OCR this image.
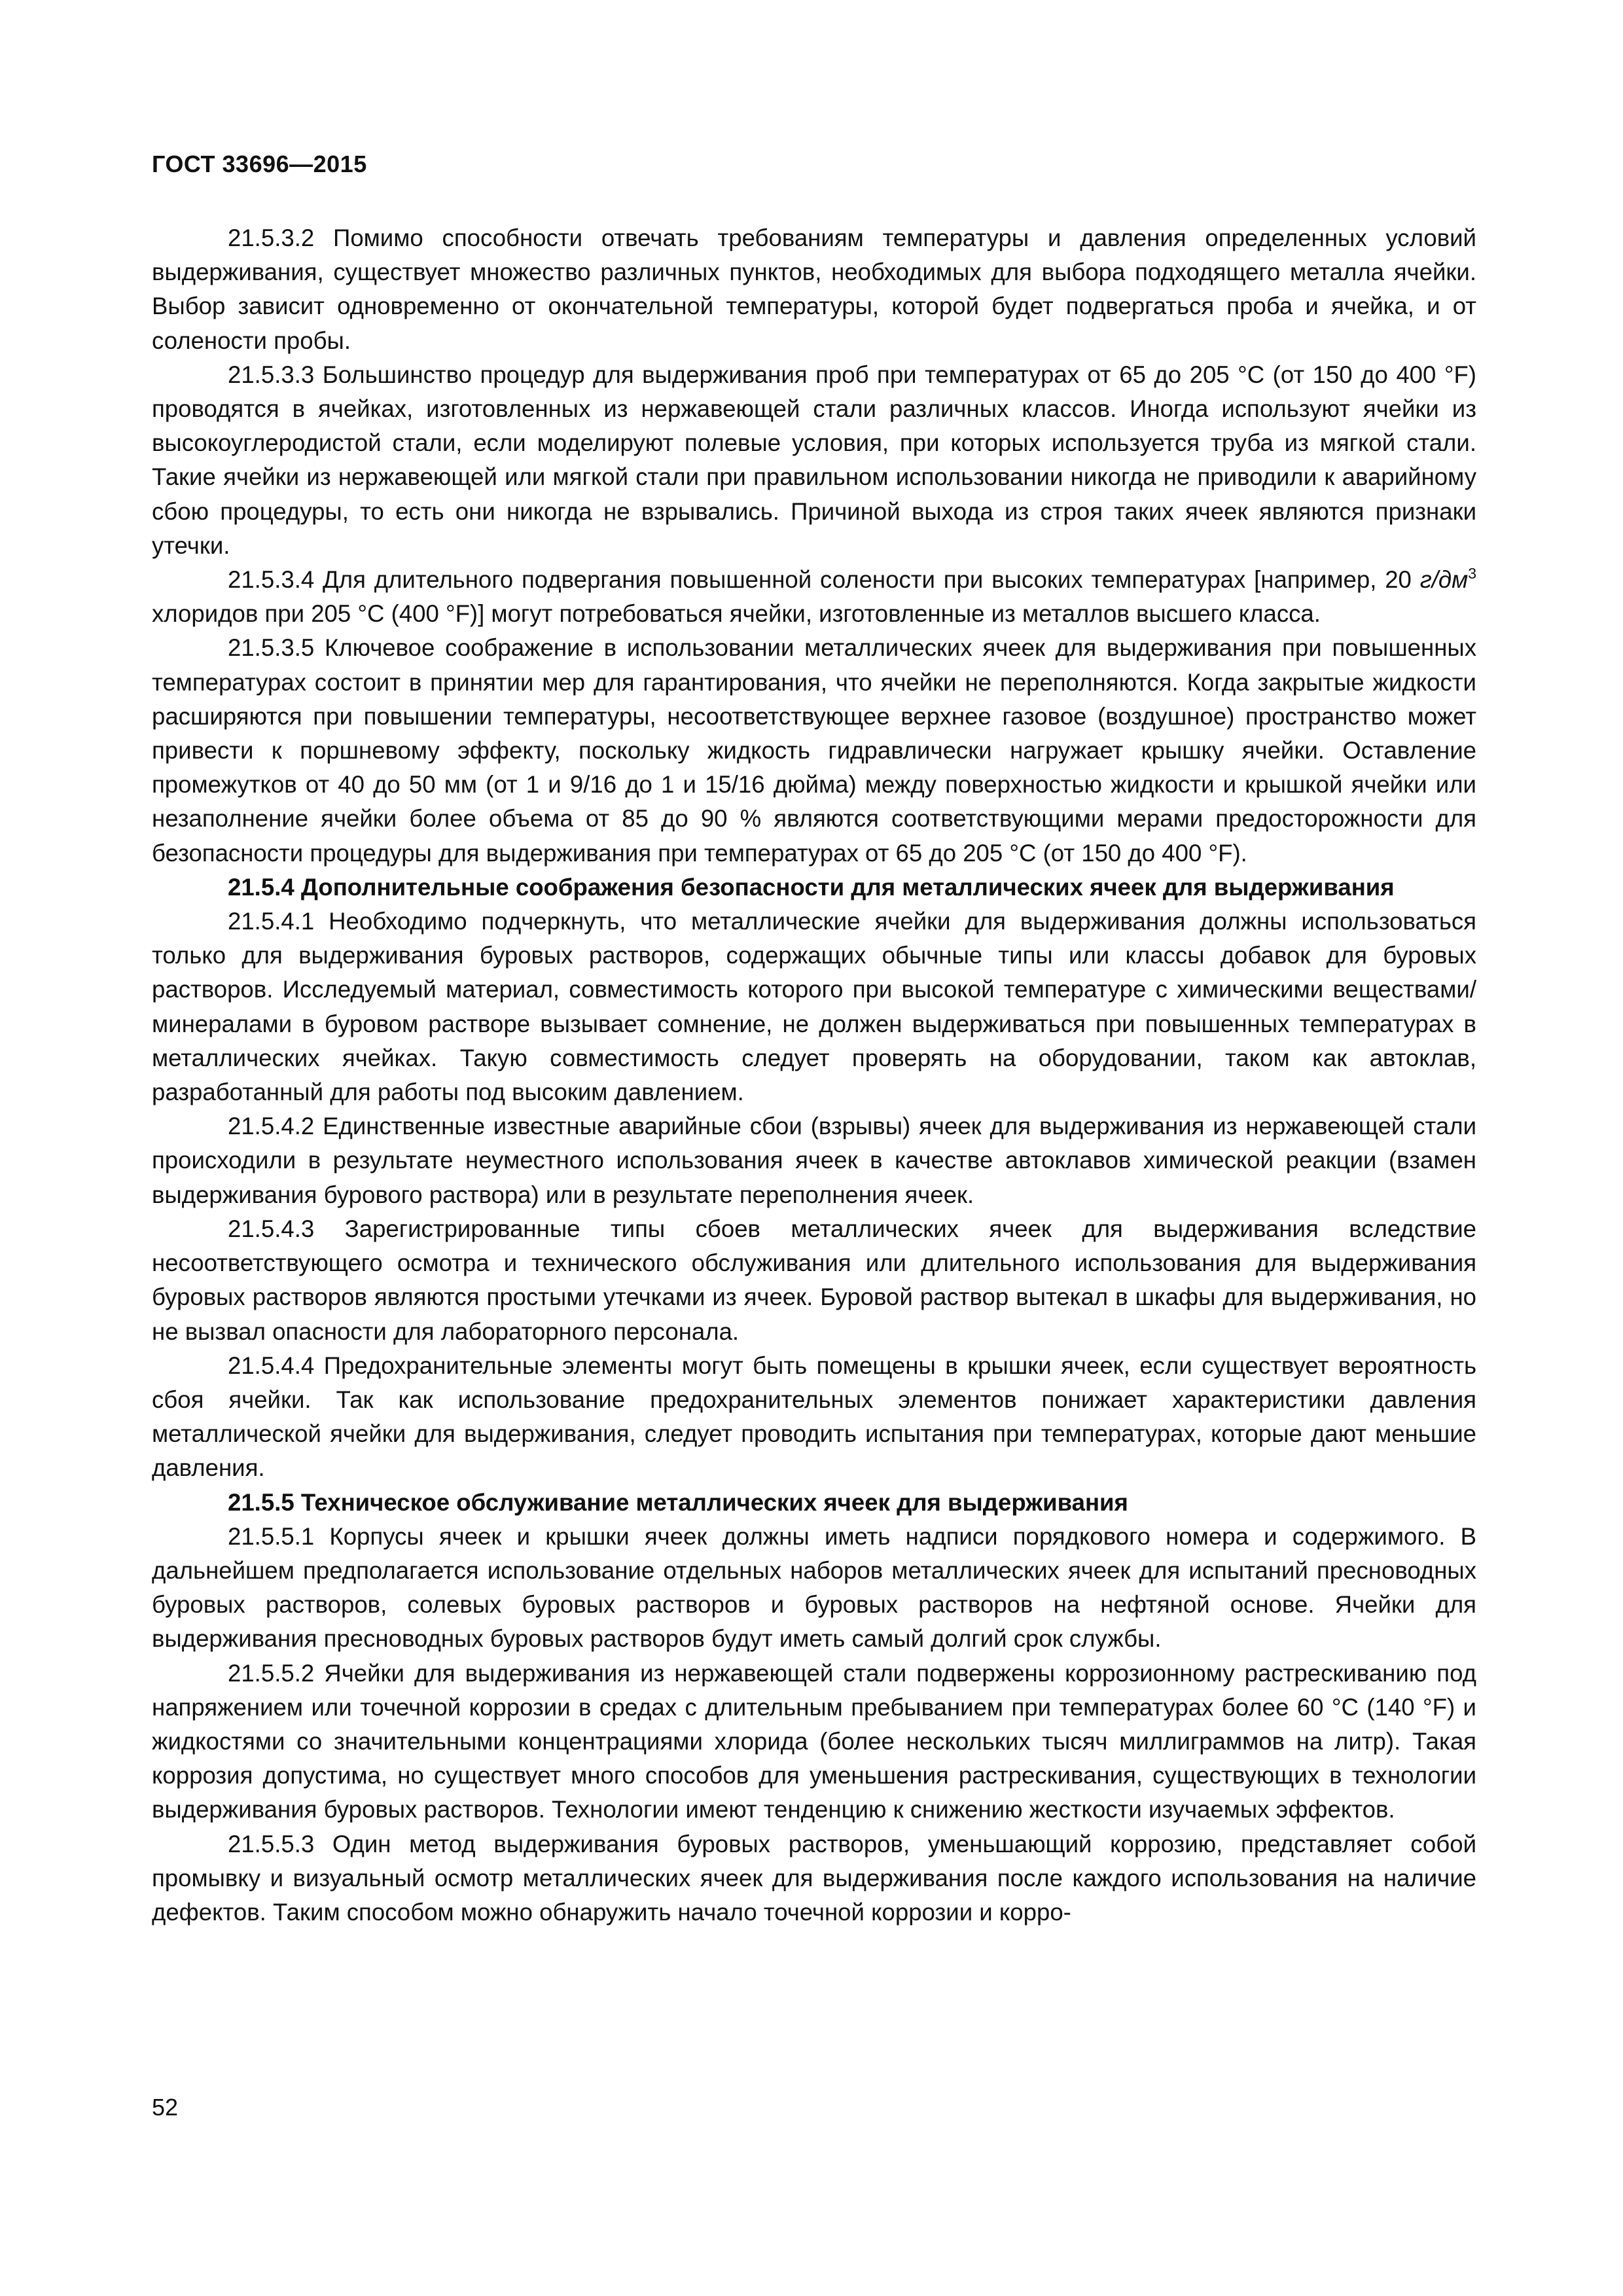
ГОСТ 33696—2015

21.5.3.2 Помимо способности отвечать требованиям температуры и давления определенных условий выдерживания, существует множество различных пунктов, необходимых для выбора подходящего металла ячейки. Выбор зависит одновременно от окончательной температуры, которой будет подвергаться проба и ячейка, и от солености пробы.

21.5.3.3 Большинство процедур для выдерживания проб при температурах от 65 до 205 °C (от 150 до 400 °F) проводятся в ячейках, изготовленных из нержавеющей стали различных классов. Иногда используют ячейки из высокоуглеродистой стали, если моделируют полевые условия, при которых используется труба из мягкой стали. Такие ячейки из нержавеющей или мягкой стали при правильном использовании никогда не приводили к аварийному сбою процедуры, то есть они никогда не взрывались. Причиной выхода из строя таких ячеек являются признаки утечки.

21.5.3.4 Для длительного подвергания повышенной солености при высоких температурах [например, 20 $г/дм^3$ хлоридов при 205 °C (400 °F)] могут потребоваться ячейки, изготовленные из металлов высшего класса.

21.5.3.5 Ключевое соображение в использовании металлических ячеек для выдерживания при повышенных температурах состоит в принятии мер для гарантирования, что ячейки не переполняются. Когда закрытые жидкости расширяются при повышении температуры, несоответствующее верхнее газовое (воздушное) пространство может привести к поршневому эффекту, поскольку жидкость гидравлически нагружает крышку ячейки. Оставление промежутков от 40 до 50 мм (от 1 и 9/16 до 1 и 15/16 дюйма) между поверхностью жидкости и крышкой ячейки или незаполнение ячейки более объема от 85 до 90 % являются соответствующими мерами предосторожности для безопасности процедуры для выдерживания при температурах от 65 до 205 °C (от 150 до 400 °F).

21.5.4 Дополнительные соображения безопасности для металлических ячеек для выдерживания

21.5.4.1 Необходимо подчеркнуть, что металлические ячейки для выдерживания должны использоваться только для выдерживания буровых растворов, содержащих обычные типы или классы добавок для буровых растворов. Исследуемый материал, совместимость которого при высокой температуре с химическими веществами/минералами в буровом растворе вызывает сомнение, не должен выдерживаться при повышенных температурах в металлических ячейках. Такую совместимость следует проверять на оборудовании, таком как автоклав, разработанный для работы под высоким давлением.

21.5.4.2 Единственные известные аварийные сбои (взрывы) ячеек для выдерживания из нержавеющей стали происходили в результате неуместного использования ячеек в качестве автоклавов химической реакции (взамен выдерживания бурового раствора) или в результате переполнения ячеек.

21.5.4.3 Зарегистрированные типы сбоев металлических ячеек для выдерживания вследствие несоответствующего осмотра и технического обслуживания или длительного использования для выдерживания буровых растворов являются простыми утечками из ячеек. Буровой раствор вытекал в шкафы для выдерживания, но не вызвал опасности для лабораторного персонала.

21.5.4.4 Предохранительные элементы могут быть помещены в крышки ячеек, если существует вероятность сбоя ячейки. Так как использование предохранительных элементов понижает характеристики давления металлической ячейки для выдерживания, следует проводить испытания при температурах, которые дают меньшие давления.

21.5.5 Техническое обслуживание металлических ячеек для выдерживания

21.5.5.1 Корпусы ячеек и крышки ячеек должны иметь надписи порядкового номера и содержимого. В дальнейшем предполагается использование отдельных наборов металлических ячеек для испытаний пресноводных буровых растворов, солевых буровых растворов и буровых растворов на нефтяной основе. Ячейки для выдерживания пресноводных буровых растворов будут иметь самый долгий срок службы.

21.5.5.2 Ячейки для выдерживания из нержавеющей стали подвержены коррозионному растрескиванию под напряжением или точечной коррозии в средах с длительным пребыванием при температурах более 60 °C (140 °F) и жидкостями со значительными концентрациями хлорида (более нескольких тысяч миллиграммов на литр). Такая коррозия допустима, но существует много способов для уменьшения растрескивания, существующих в технологии выдерживания буровых растворов. Технологии имеют тенденцию к снижению жесткости изучаемых эффектов.

21.5.5.3 Один метод выдерживания буровых растворов, уменьшающий коррозию, представляет собой промывку и визуальный осмотр металлических ячеек для выдерживания после каждого использования на наличие дефектов. Таким способом можно обнаружить начало точечной коррозии и корро-

52
